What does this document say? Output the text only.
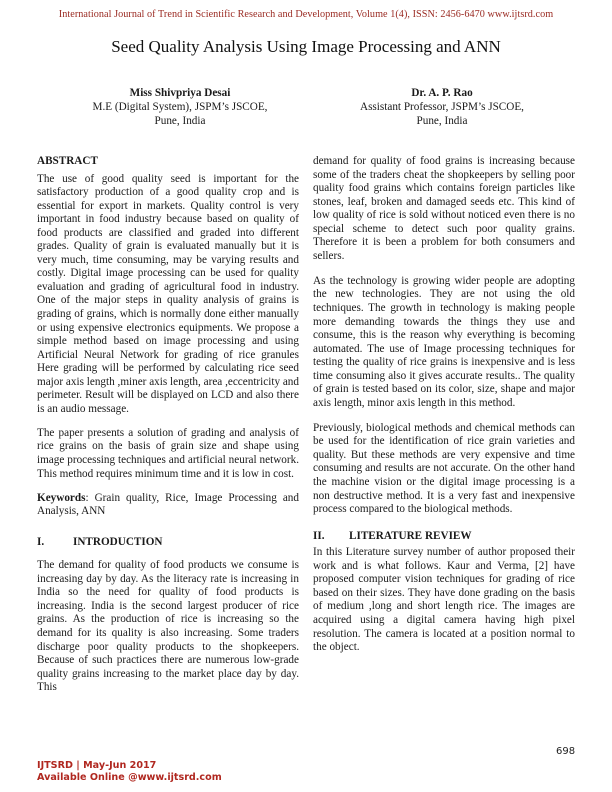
International Journal of Trend in Scientific Research and Development, Volume 1(4), ISSN: 2456-6470 www.ijtsrd.com
Seed Quality Analysis Using Image Processing and ANN
Miss Shivpriya Desai
M.E (Digital System), JSPM’s JSCOE,
Pune, India
Dr. A. P. Rao
Assistant Professor, JSPM’s JSCOE,
Pune, India
ABSTRACT

The use of good quality seed is important for the satisfactory production of a good quality crop and is essential for export in markets. Quality control is very important in food industry because based on quality of food products are classified and graded into different grades. Quality of grain is evaluated manually but it is very much, time consuming, may be varying results and costly. Digital image processing can be used for quality evaluation and grading of agricultural food in industry. One of the major steps in quality analysis of grains is grading of grains, which is normally done either manually or using expensive electronics equipments. We propose a simple method based on image processing and using Artificial Neural Network for grading of rice granules Here grading will be performed by calculating rice seed major axis length ,miner axis length, area ,eccentricity and perimeter. Result will be displayed on LCD and also there is an audio message.

The paper presents a solution of grading and analysis of rice grains on the basis of grain size and shape using image processing techniques and artificial neural network. This method requires minimum time and it is low in cost.

Keywords: Grain quality, Rice, Image Processing and Analysis, ANN

I.	INTRODUCTION

The demand for quality of food products we consume is increasing day by day. As the literacy rate is increasing in India so the need for quality of food products is increasing. India is the second largest producer of rice grains. As the production of rice is increasing so the demand for its quality is also increasing. Some traders discharge poor quality products to the shopkeepers. Because of such practices there are numerous low-grade quality grains increasing to the market place day by day. This

demand for quality of food grains is increasing because some of the traders cheat the shopkeepers by selling poor quality food grains which contains foreign particles like stones, leaf, broken and damaged seeds etc. This kind of low quality of rice is sold without noticed even there is no special scheme to detect such poor quality grains. Therefore it is been a problem for both consumers and sellers.

As the technology is growing wider people are adopting the new technologies. They are not using the old techniques. The growth in technology is making people more demanding towards the things they use and consume, this is the reason why everything is becoming automated. The use of Image processing techniques for testing the quality of rice grains is inexpensive and is less time consuming also it gives accurate results.. The quality of grain is tested based on its color, size, shape and major axis length, minor axis length in this method.

Previously, biological methods and chemical methods can be used for the identification of rice grain varieties and quality. But these methods are very expensive and time consuming and results are not accurate. On the other hand the machine vision or the digital image processing is a non destructive method. It is a very fast and inexpensive process compared to the biological methods.

II. LITERATURE REVIEW

In this Literature survey number of author proposed their work and is what follows. Kaur and Verma, [2] have proposed computer vision techniques for grading of rice based on their sizes. They have done grading on the basis of medium ,long and short length rice. The images are acquired using a digital camera having high pixel resolution. The camera is located at a position normal to the object.

698
IJTSRD | May-Jun 2017
Available Online @www.ijtsrd.com
